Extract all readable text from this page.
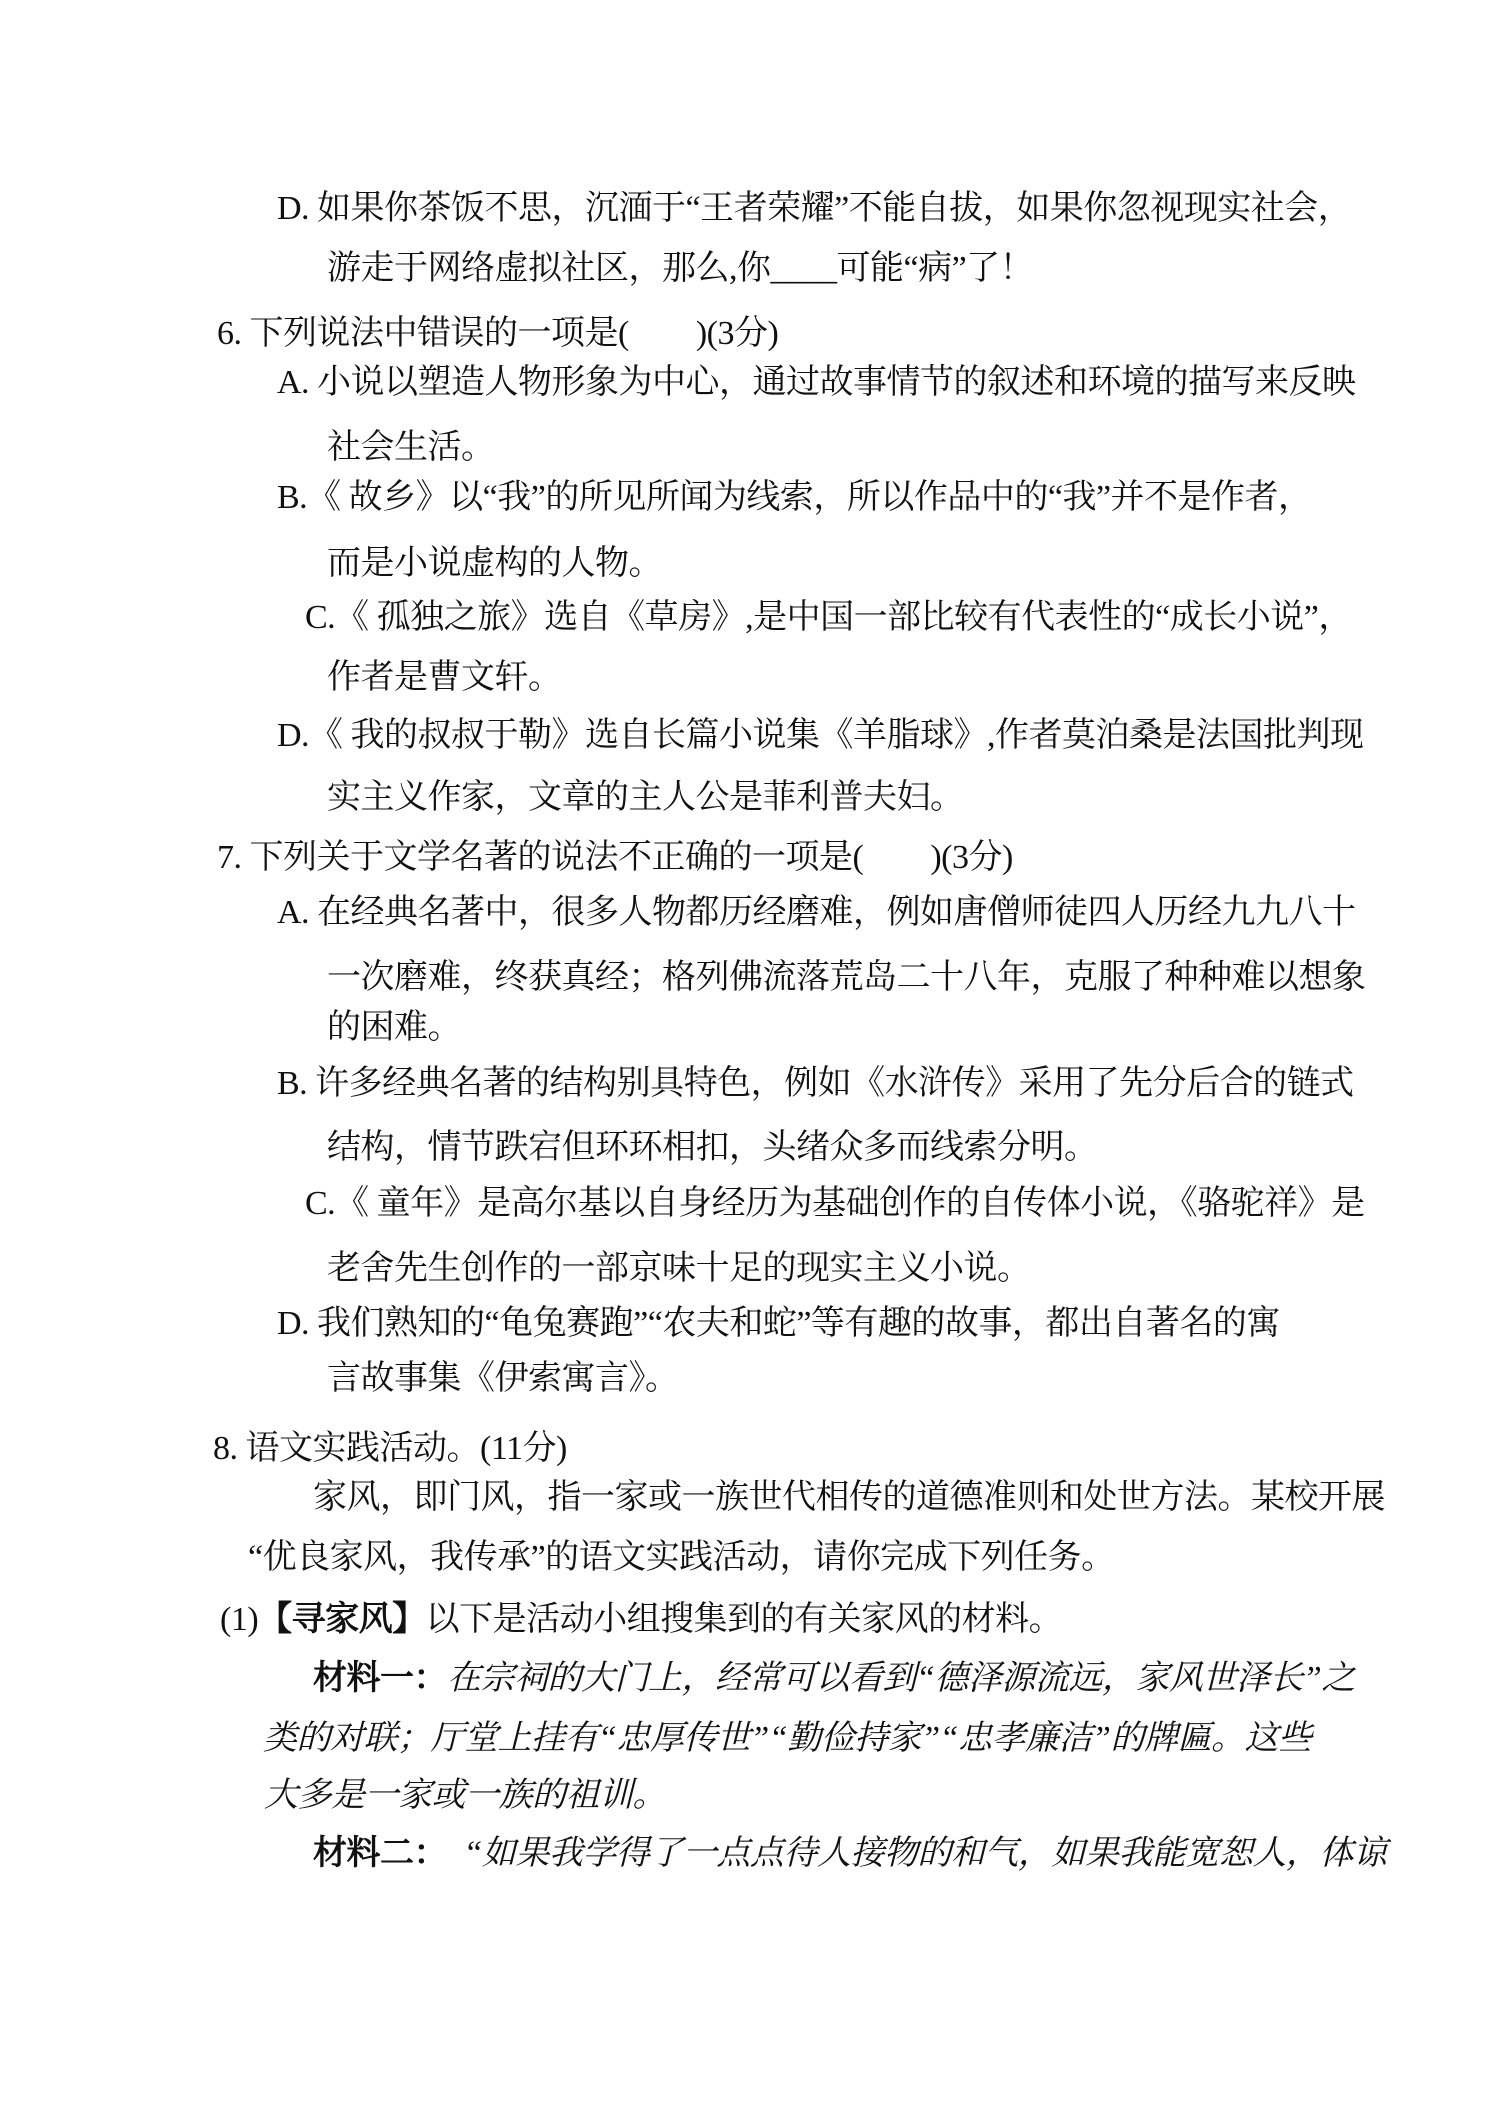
D. 如果你茶饭不思，沉湎于“王者荣耀”不能自拔，如果你忽视现实社会，
游走于网络虚拟社区，那么,你____可能“病”了！
6. 下列说法中错误的一项是(　　)(3分)
A. 小说以塑造人物形象为中心，通过故事情节的叙述和环境的描写来反映
社会生活。
B.《 故乡》以“我”的所见所闻为线索，所以作品中的“我”并不是作者，
而是小说虚构的人物。
C.《 孤独之旅》选自《草房》,是中国一部比较有代表性的“成长小说”，
作者是曹文轩。
D.《 我的叔叔于勒》选自长篇小说集《羊脂球》,作者莫泊桑是法国批判现
实主义作家，文章的主人公是菲利普夫妇。
7. 下列关于文学名著的说法不正确的一项是(　　)(3分)
A. 在经典名著中，很多人物都历经磨难，例如唐僧师徒四人历经九九八十
一次磨难，终获真经；格列佛流落荒岛二十八年，克服了种种难以想象
的困难。
B. 许多经典名著的结构别具特色，例如《水浒传》采用了先分后合的链式
结构，情节跌宕但环环相扣，头绪众多而线索分明。
C.《 童年》是高尔基以自身经历为基础创作的自传体小说，《骆驼祥》是
老舍先生创作的一部京味十足的现实主义小说。
D. 我们熟知的“龟兔赛跑”“农夫和蛇”等有趣的故事，都出自著名的寓
言故事集《伊索寓言》。
8. 语文实践活动。(11分)
家风，即门风，指一家或一族世代相传的道德准则和处世方法。某校开展
“优良家风，我传承”的语文实践活动，请你完成下列任务。
(1)【寻家风】以下是活动小组搜集到的有关家风的材料。
材料一：在宗祠的大门上，经常可以看到“德泽源流远，家风世泽长”之
类的对联；厅堂上挂有“忠厚传世”“勤俭持家”“忠孝廉洁”的牌匾。这些
大多是一家或一族的祖训。
材料二：　“如果我学得了一点点待人接物的和气，如果我能宽恕人，体谅
